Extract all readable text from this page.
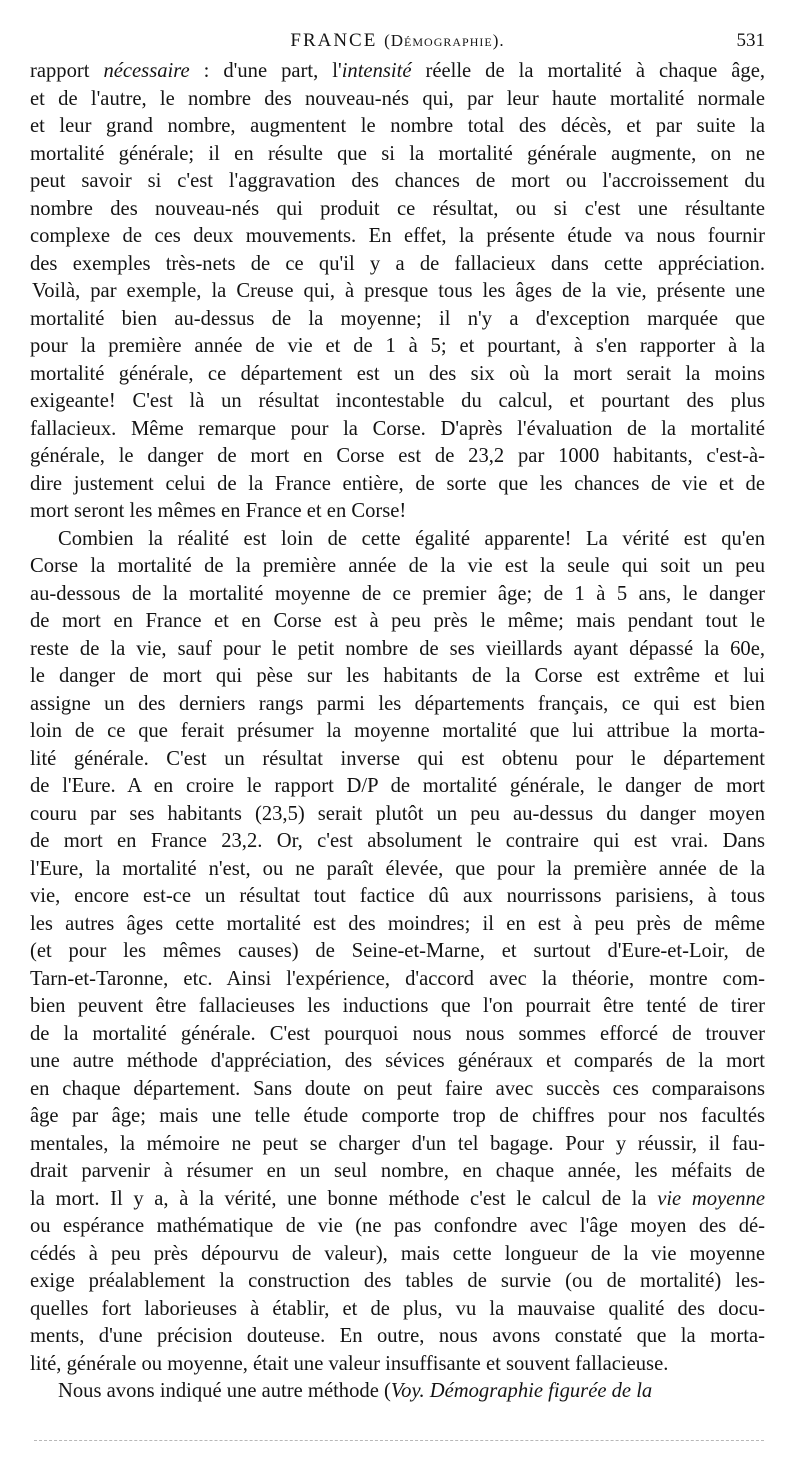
FRANCE (Démographie).	531
rapport nécessaire : d'une part, l'intensité réelle de la mortalité à chaque âge,
et de l'autre, le nombre des nouveau-nés qui, par leur haute mortalité normale
et leur grand nombre, augmentent le nombre total des décès, et par suite la
mortalité générale; il en résulte que si la mortalité générale augmente, on ne
peut savoir si c'est l'aggravation des chances de mort ou l'accroissement du
nombre des nouveau-nés qui produit ce résultat, ou si c'est une résultante
complexe de ces deux mouvements. En effet, la présente étude va nous fournir
des exemples très-nets de ce qu'il y a de fallacieux dans cette appréciation.
Voilà, par exemple, la Creuse qui, à presque tous les âges de la vie, présente une
mortalité bien au-dessus de la moyenne; il n'y a d'exception marquée que
pour la première année de vie et de 1 à 5; et pourtant, à s'en rapporter à la
mortalité générale, ce département est un des six où la mort serait la moins
exigeante! C'est là un résultat incontestable du calcul, et pourtant des plus
fallacieux. Même remarque pour la Corse. D'après l'évaluation de la mortalité
générale, le danger de mort en Corse est de 23,2 par 1000 habitants, c'est-à-
dire justement celui de la France entière, de sorte que les chances de vie et de
mort seront les mêmes en France et en Corse!
Combien la réalité est loin de cette égalité apparente! La vérité est qu'en
Corse la mortalité de la première année de la vie est la seule qui soit un peu
au-dessous de la mortalité moyenne de ce premier âge; de 1 à 5 ans, le danger
de mort en France et en Corse est à peu près le même; mais pendant tout le
reste de la vie, sauf pour le petit nombre de ses vieillards ayant dépassé la 60e,
le danger de mort qui pèse sur les habitants de la Corse est extrême et lui
assigne un des derniers rangs parmi les départements français, ce qui est bien
loin de ce que ferait présumer la moyenne mortalité que lui attribue la morta-
lité générale. C'est un résultat inverse qui est obtenu pour le département
de l'Eure. A en croire le rapport D/P de mortalité générale, le danger de mort
couru par ses habitants (23,5) serait plutôt un peu au-dessus du danger moyen
de mort en France 23,2. Or, c'est absolument le contraire qui est vrai. Dans
l'Eure, la mortalité n'est, ou ne paraît élevée, que pour la première année de la
vie, encore est-ce un résultat tout factice dû aux nourrissons parisiens, à tous
les autres âges cette mortalité est des moindres; il en est à peu près de même
(et pour les mêmes causes) de Seine-et-Marne, et surtout d'Eure-et-Loir, de
Tarn-et-Taronne, etc. Ainsi l'expérience, d'accord avec la théorie, montre com-
bien peuvent être fallacieuses les inductions que l'on pourrait être tenté de tirer
de la mortalité générale. C'est pourquoi nous nous sommes efforcé de trouver
une autre méthode d'appréciation, des sévices généraux et comparés de la mort
en chaque département. Sans doute on peut faire avec succès ces comparaisons
âge par âge; mais une telle étude comporte trop de chiffres pour nos facultés
mentales, la mémoire ne peut se charger d'un tel bagage. Pour y réussir, il fau-
drait parvenir à résumer en un seul nombre, en chaque année, les méfaits de
la mort. Il y a, à la vérité, une bonne méthode c'est le calcul de la vie moyenne
ou espérance mathématique de vie (ne pas confondre avec l'âge moyen des dé-
cédés à peu près dépourvu de valeur), mais cette longueur de la vie moyenne
exige préalablement la construction des tables de survie (ou de mortalité) les-
quelles fort laborieuses à établir, et de plus, vu la mauvaise qualité des docu-
ments, d'une précision douteuse. En outre, nous avons constaté que la morta-
lité, générale ou moyenne, était une valeur insuffisante et souvent fallacieuse.
Nous avons indiqué une autre méthode (Voy. Démographie figurée de la
